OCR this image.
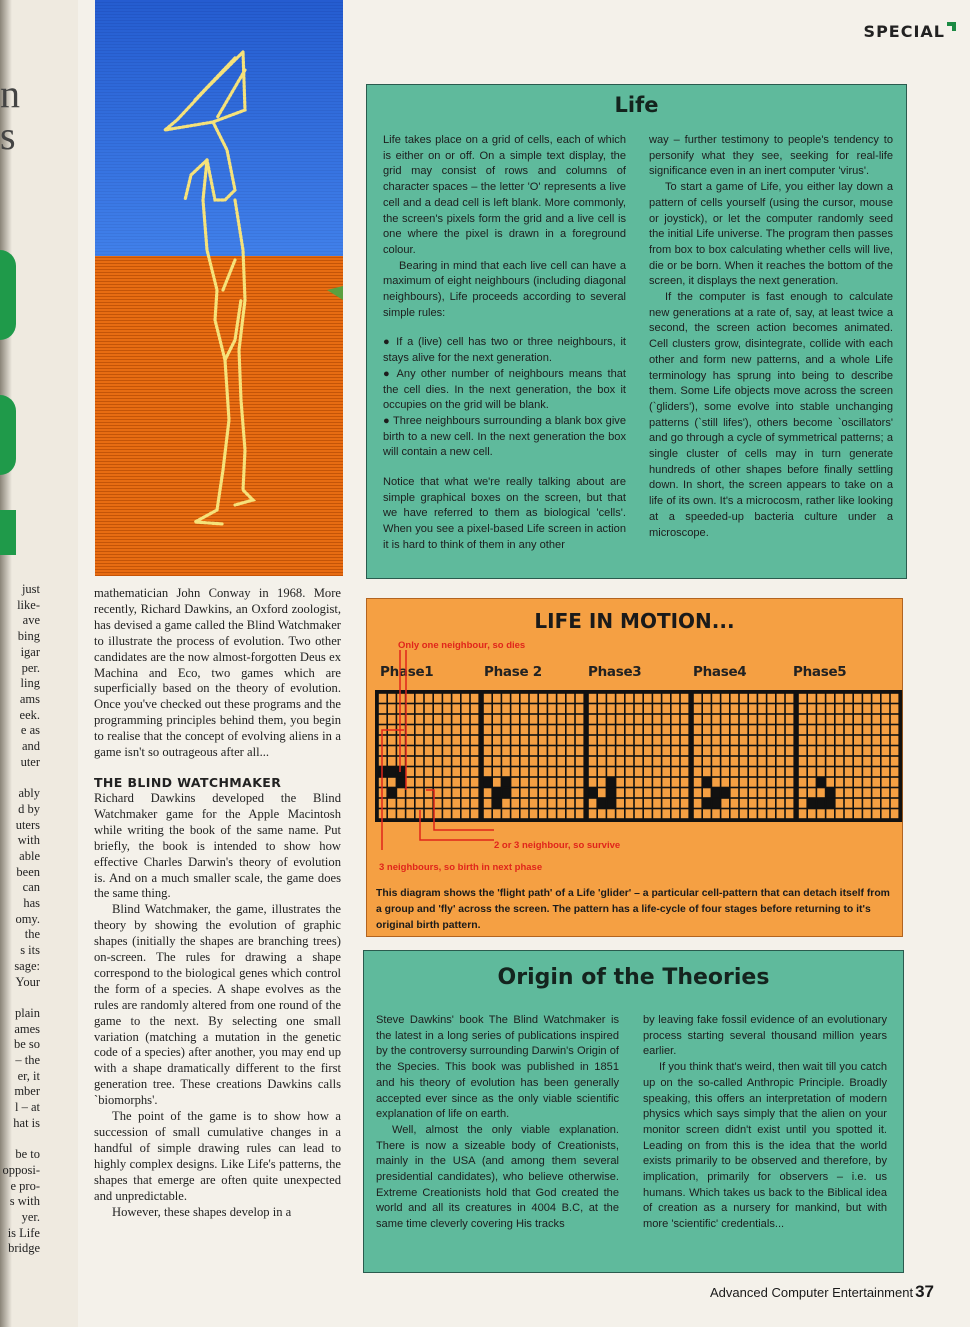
n
s
just
like-
ave
bing
igar
per.
ling
ams
eek.
e as
and
uter
ably
d by
uters
with
able
been
can
has
omy.
the
s its
sage:
Your
plain
ames
be so
– the
er, it
mber
l – at
hat is
be to
opposi-
e pro-
s with
yer.
is Life
bridge
SPECIAL

mathematician John Conway in 1968. More recently, Richard Dawkins, an Oxford zoologist, has devised a game called the Blind Watchmaker to illustrate the process of evolution. Two other candidates are the now almost-forgotten Deus ex Machina and Eco, two games which are superficially based on the theory of evolution. Once you've checked out these programs and the programming principles behind them, you begin to realise that the concept of evolving aliens in a game isn't so outrageous after all...

THE BLIND WATCHMAKER

Richard Dawkins developed the Blind Watchmaker game for the Apple Macintosh while writing the book of the same name. Put briefly, the book is intended to show how effective Charles Darwin's theory of evolution is. And on a much smaller scale, the game does the same thing.

Blind Watchmaker, the game, illustrates the theory by showing the evolution of graphic shapes (initially the shapes are branching trees) on-screen. The rules for drawing a shape correspond to the biological genes which control the form of a species. A shape evolves as the rules are randomly altered from one round of the game to the next. By selecting one small variation (matching a mutation in the genetic code of a species) after another, you may end up with a shape dramatically different to the first generation tree. These creations Dawkins calls `biomorphs'.

The point of the game is to show how a succession of small cumulative changes in a handful of simple drawing rules can lead to highly complex designs. Like Life's patterns, the shapes that emerge are often quite unexpected and unpredictable.

However, these shapes develop in a

Life

Life takes place on a grid of cells, each of which is either on or off. On a simple text display, the grid may consist of rows and columns of character spaces – the letter 'O' represents a live cell and a dead cell is left blank. More commonly, the screen's pixels form the grid and a live cell is one where the pixel is drawn in a foreground colour.

Bearing in mind that each live cell can have a maximum of eight neighbours (including diagonal neighbours), Life proceeds according to several simple rules:

● If a (live) cell has two or three neighbours, it stays alive for the next generation.

● Any other number of neighbours means that the cell dies. In the next generation, the box it occupies on the grid will be blank.

● Three neighbours surrounding a blank box give birth to a new cell. In the next generation the box will contain a new cell.

Notice that what we're really talking about are simple graphical boxes on the screen, but that we have referred to them as biological 'cells'. When you see a pixel-based Life screen in action it is hard to think of them in any other

way – further testimony to people's tendency to personify what they see, seeking for real-life significance even in an inert computer 'virus'.

To start a game of Life, you either lay down a pattern of cells yourself (using the cursor, mouse or joystick), or let the computer randomly seed the initial Life universe. The program then passes from box to box calculating whether cells will live, die or be born. When it reaches the bottom of the screen, it displays the next generation.

If the computer is fast enough to calculate new generations at a rate of, say, at least twice a second, the screen action becomes animated. Cell clusters grow, disintegrate, collide with each other and form new patterns, and a whole Life terminology has sprung into being to describe them. Some Life objects move across the screen (`gliders'), some evolve into stable unchanging patterns (`still lifes'), others become `oscillators' and go through a cycle of symmetrical patterns; a single cluster of cells may in turn generate hundreds of other shapes before finally settling down. In short, the screen appears to take on a life of its own. It's a microcosm, rather like looking at a speeded-up bacteria culture under a microscope.

LIFE IN MOTION...
Only one neighbour, so dies
Phase1	Phase 2	Phase3	Phase4	Phase5
2 or 3 neighbour, so survive
3 neighbours, so birth in next phase
This diagram shows the 'flight path' of a Life 'glider' – a particular cell-pattern that can detach itself from a group and 'fly' across the screen. The pattern has a life-cycle of four stages before returning to it's original birth pattern.
Origin of the Theories

Steve Dawkins' book The Blind Watchmaker is the latest in a long series of publications inspired by the controversy surrounding Darwin's Origin of the Species. This book was published in 1851 and his theory of evolution has been generally accepted ever since as the only viable scientific explanation of life on earth.

Well, almost the only viable explanation. There is now a sizeable body of Creationists, mainly in the USA (and among them several presidential candidates), who believe otherwise. Extreme Creationists hold that God created the world and all its creatures in 4004 B.C, at the same time cleverly covering His tracks

by leaving fake fossil evidence of an evolutionary process starting several thousand million years earlier.

If you think that's weird, then wait till you catch up on the so-called Anthropic Principle. Broadly speaking, this offers an interpretation of modern physics which says simply that the alien on your monitor screen didn't exist until you spotted it. Leading on from this is the idea that the world exists primarily to be observed and therefore, by implication, primarily for observers – i.e. us humans. Which takes us back to the Biblical idea of creation as a nursery for mankind, but with more 'scientific' credentials...

Advanced Computer Entertainment 37
